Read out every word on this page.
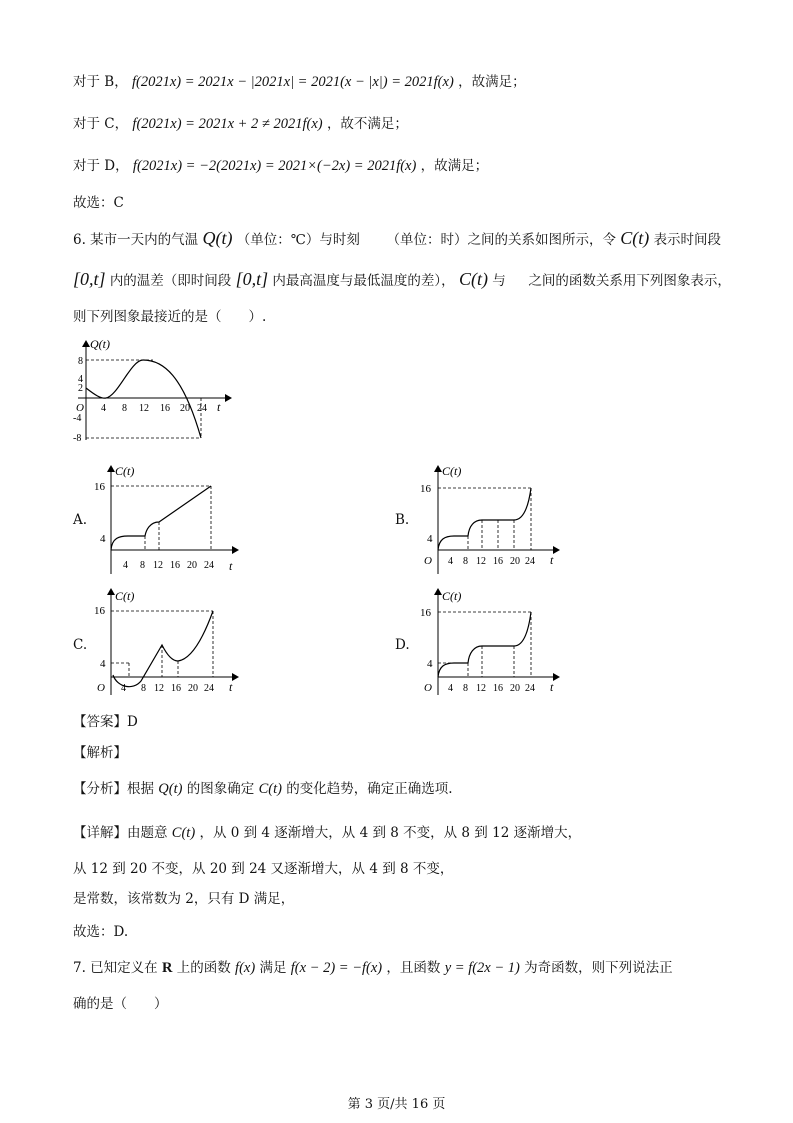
对于 B， f(2021x) = 2021x − |2021x| = 2021(x − |x|) = 2021f(x) ，故满足；
对于 C， f(2021x) = 2021x + 2 ≠ 2021f(x) ，故不满足；
对于 D， f(2021x) = −2(2021x) = 2021×(−2x) = 2021f(x) ，故满足；
故选：C
6. 某市一天内的气温 Q(t) （单位：℃）与时刻 （单位：时）之间的关系如图所示，令 C(t) 表示时间段
[0,t] 内的温差（即时间段 [0,t] 内最高温度与最低温度的差）， C(t) 与 之间的函数关系用下列图象表示，
则下列图象最接近的是（　　）.
Q(t)
t
O
8
4
2
-4
-8
4 8 12 16 20 24
A.
C(t)
t
16
4
4 8 12 16 20 24
B.
C(t)
t
O
16
4
4 8 12 16 20 24
C.
C(t)
t
O
16
4
4 8 12 16 20 24
D.
C(t)
t
O
16
4
4 8 12 16 20 24
【答案】D
【解析】
【分析】根据 Q(t) 的图象确定 C(t) 的变化趋势，确定正确选项.
【详解】由题意 C(t) ，从 0 到 4 逐渐增大，从 4 到 8 不变，从 8 到 12 逐渐增大，
从 12 到 20 不变，从 20 到 24 又逐渐增大，从 4 到 8 不变，
是常数，该常数为 2，只有 D 满足，
故选：D.
7. 已知定义在 R 上的函数 f(x) 满足 f(x − 2) = −f(x) ，且函数 y = f(2x − 1) 为奇函数，则下列说法正
确的是（　　）
第 3 页/共 16 页
